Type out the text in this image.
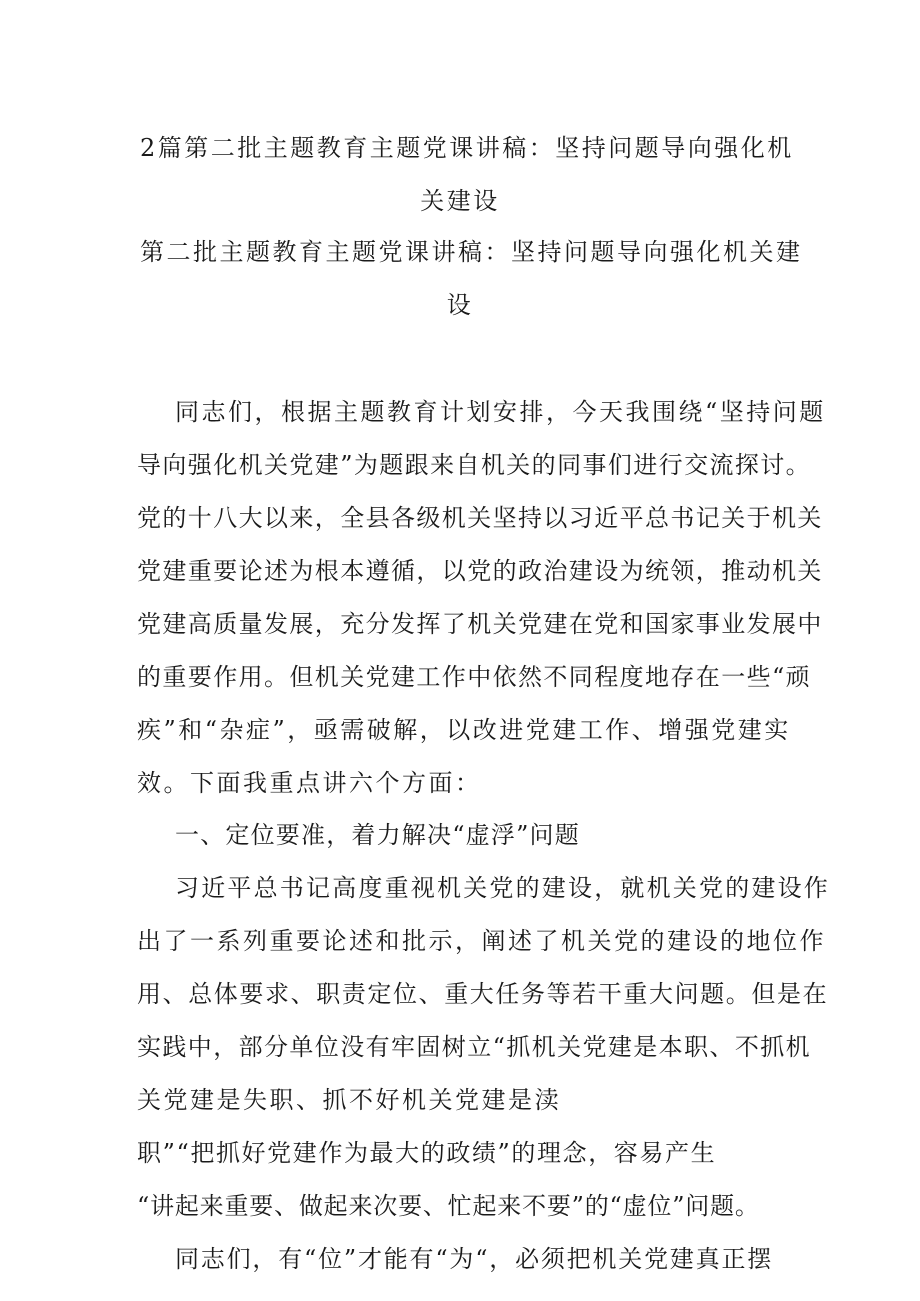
2篇第二批主题教育主题党课讲稿：坚持问题导向强化机
关建设
第二批主题教育主题党课讲稿：坚持问题导向强化机关建
设
同志们，根据主题教育计划安排，今天我围绕“坚持问题
导向强化机关党建”为题跟来自机关的同事们进行交流探讨。
党的十八大以来，全县各级机关坚持以习近平总书记关于机关
党建重要论述为根本遵循，以党的政治建设为统领，推动机关
党建高质量发展，充分发挥了机关党建在党和国家事业发展中
的重要作用。但机关党建工作中依然不同程度地存在一些“顽
疾”和“杂症”，亟需破解，以改进党建工作、增强党建实
效。下面我重点讲六个方面：
一、定位要准，着力解决“虚浮”问题
习近平总书记高度重视机关党的建设，就机关党的建设作
出了一系列重要论述和批示，阐述了机关党的建设的地位作
用、总体要求、职责定位、重大任务等若干重大问题。但是在
实践中，部分单位没有牢固树立“抓机关党建是本职、不抓机
关党建是失职、抓不好机关党建是渎
职”“把抓好党建作为最大的政绩”的理念，容易产生
“讲起来重要、做起来次要、忙起来不要”的“虚位”问题。
同志们，有“位”才能有“为“，必须把机关党建真正摆
